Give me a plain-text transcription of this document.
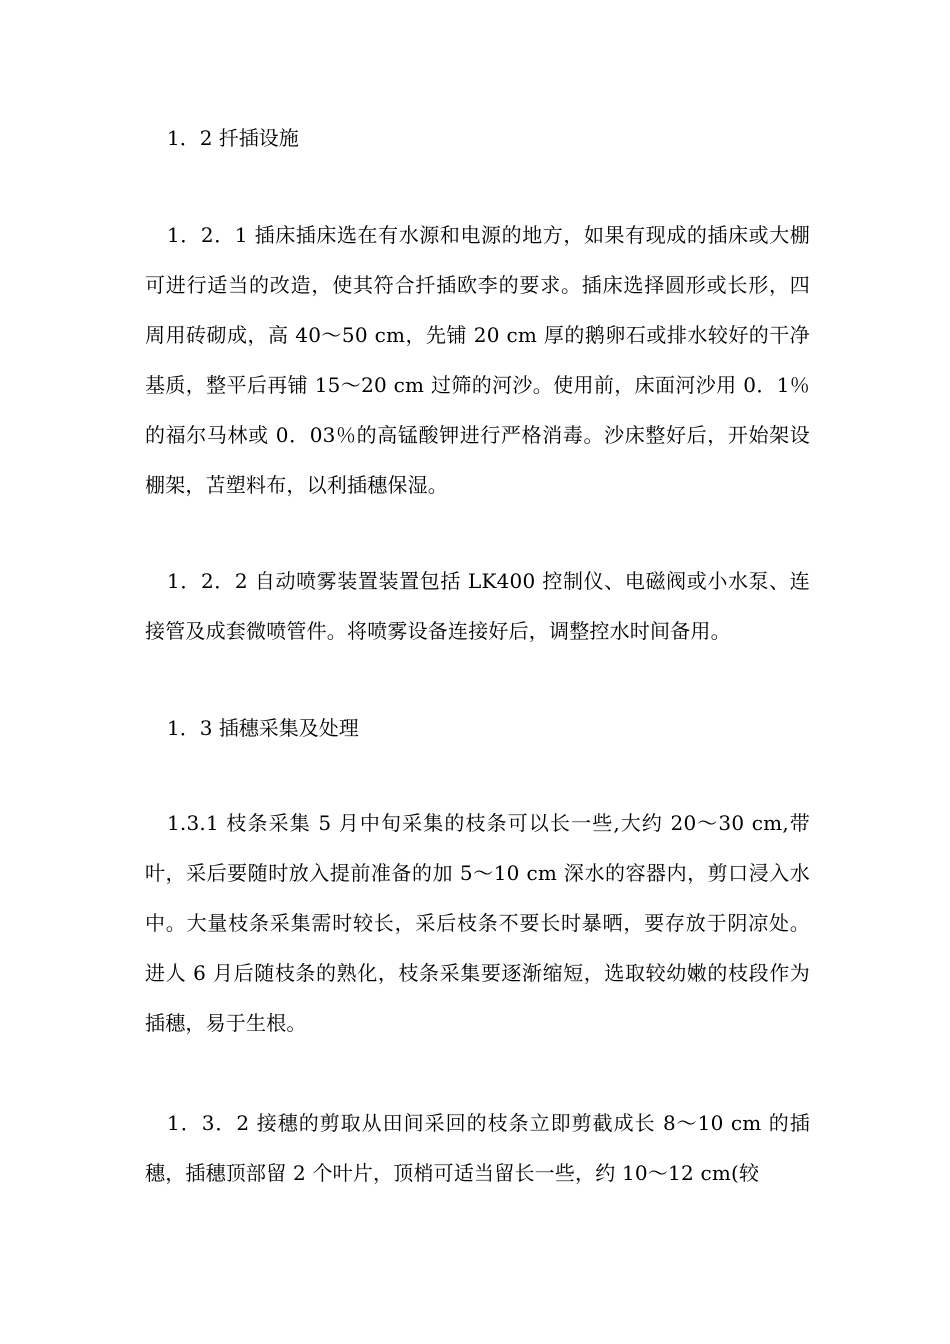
1．2 扦插设施

1．2．1 插床插床选在有水源和电源的地方，如果有现成的插床或大棚可进行适当的改造，使其符合扦插欧李的要求。插床选择圆形或长形，四周用砖砌成，高 40～50 cm，先铺 20 cm 厚的鹅卵石或排水较好的干净基质，整平后再铺 15～20 cm 过筛的河沙。使用前，床面河沙用 0．1％的福尔马林或 0．03％的高锰酸钾进行严格消毒。沙床整好后，开始架设棚架，苫塑料布，以利插穗保湿。

1．2．2 自动喷雾装置装置包括 LK400 控制仪、电磁阀或小水泵、连接管及成套微喷管件。将喷雾设备连接好后，调整控水时间备用。

1．3 插穗采集及处理

1.3.1 枝条采集 5 月中旬采集的枝条可以长一些,大约 20～30 cm,带叶，采后要随时放入提前准备的加 5～10 cm 深水的容器内，剪口浸入水中。大量枝条采集需时较长，采后枝条不要长时暴晒，要存放于阴凉处。进人 6 月后随枝条的熟化，枝条采集要逐渐缩短，选取较幼嫩的枝段作为插穗，易于生根。

1．3．2 接穗的剪取从田间采回的枝条立即剪截成长 8～10 cm 的插穗，插穗顶部留 2 个叶片，顶梢可适当留长一些，约 10～12 cm(较
